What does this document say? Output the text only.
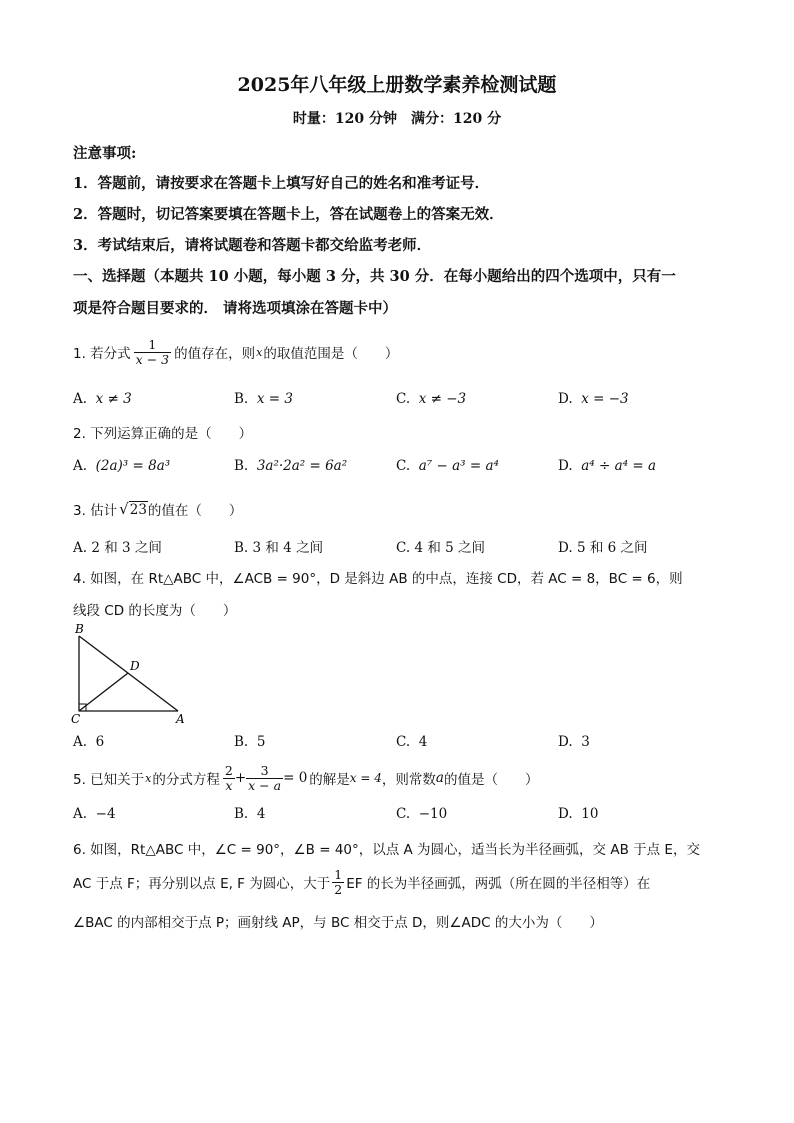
2025年八年级上册数学素养检测试题
时量：120 分钟　满分：120 分
注意事项:
1．答题前，请按要求在答题卡上填写好自己的姓名和准考证号．
2．答题时，切记答案要填在答题卡上，答在试题卷上的答案无效．
3．考试结束后，请将试题卷和答题卡都交给监考老师．
一、选择题（本题共 10 小题，每小题 3 分，共 30 分．在每小题给出的四个选项中，只有一
项是符合题目要求的． 请将选项填涂在答题卡中）
1. 若分式 $\frac{1}{x - 3}$ 的值存在，则 x 的取值范围是（　　）
A. x ≠ 3	B. x = 3	C. x ≠ −3	D. x = −3
2. 下列运算正确的是（　　）
A. (2a)³ = 8a³	B. 3a²·2a² = 6a²	C. a⁷ − a³ = a⁴	D. a⁴ ÷ a⁴ = a
3. 估计 √ 23 的值在（　　）
A. 2 和 3 之间	B. 3 和 4 之间	C. 4 和 5 之间	D. 5 和 6 之间
4. 如图，在 Rt△ABC 中，∠ACB = 90°，D 是斜边 AB 的中点，连接 CD，若 AC = 8，BC = 6，则
线段 CD 的长度为（　　）
B
D
C	A
A. 6	B. 5	C. 4	D. 3
5. 已知关于 x 的分式方程 $\frac{2}{x} + \frac{3}{x - a} = 0$ 的解是 x = 4 ，则常数 a 的值是（　　）
A. −4	B. 4	C. −10	D. 10
6. 如图，Rt△ABC 中，∠C = 90°，∠B = 40°，以点 A 为圆心，适当长为半径画弧，交 AB 于点 E，交
AC 于点 F；再分别以点 E, F 为圆心，大于 $\frac{1}{2}$ EF 的长为半径画弧，两弧（所在圆的半径相等）在
∠BAC 的内部相交于点 P；画射线 AP，与 BC 相交于点 D，则∠ADC 的大小为（　　）
